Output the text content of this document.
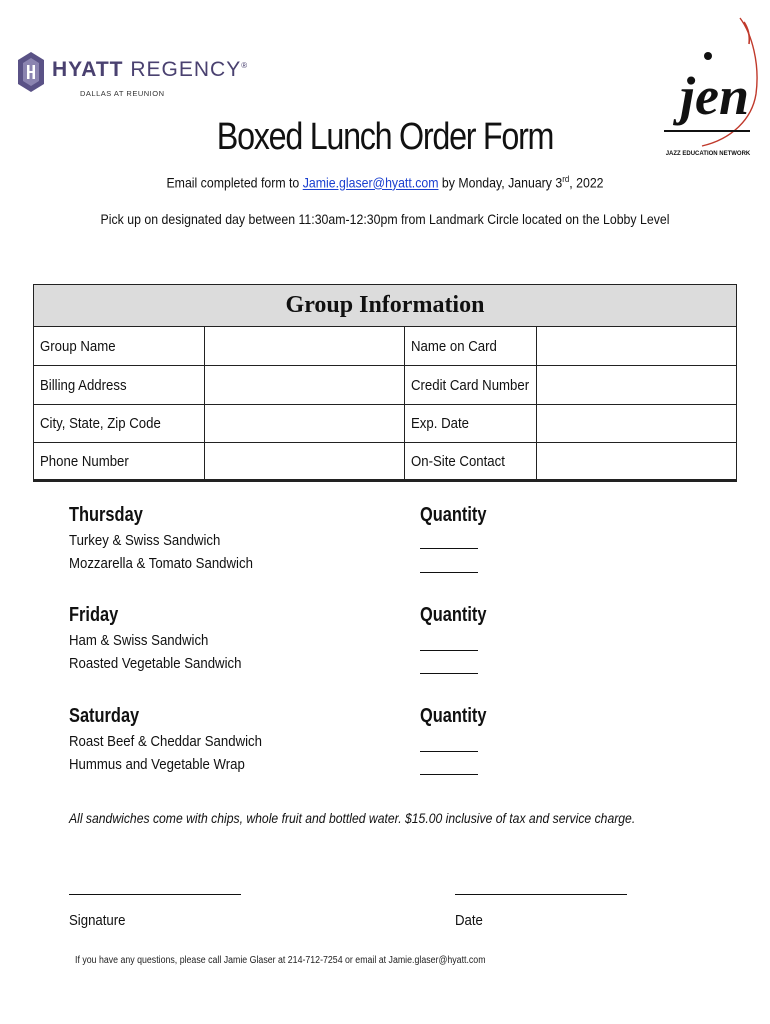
HYATT REGENCY®
DALLAS AT REUNION	jen
JAZZ EDUCATION NETWORK
Boxed Lunch Order Form
Email completed form to Jamie.glaser@hyatt.com by Monday, January 3rd, 2022
Pick up on designated day between 11:30am-12:30pm from Landmark Circle located on the Lobby Level
Group Information
Group Name	Name on Card
Billing Address	Credit Card Number
City, State, Zip Code	Exp. Date
Phone Number	On-Site Contact
Thursday	Quantity
Turkey & Swiss Sandwich
Mozzarella & Tomato Sandwich
Friday	Quantity
Ham & Swiss Sandwich
Roasted Vegetable Sandwich
Saturday	Quantity
Roast Beef & Cheddar Sandwich
Hummus and Vegetable Wrap
All sandwiches come with chips, whole fruit and bottled water. $15.00 inclusive of tax and service charge.
Signature	Date
If you have any questions, please call Jamie Glaser at 214-712-7254 or email at Jamie.glaser@hyatt.com
